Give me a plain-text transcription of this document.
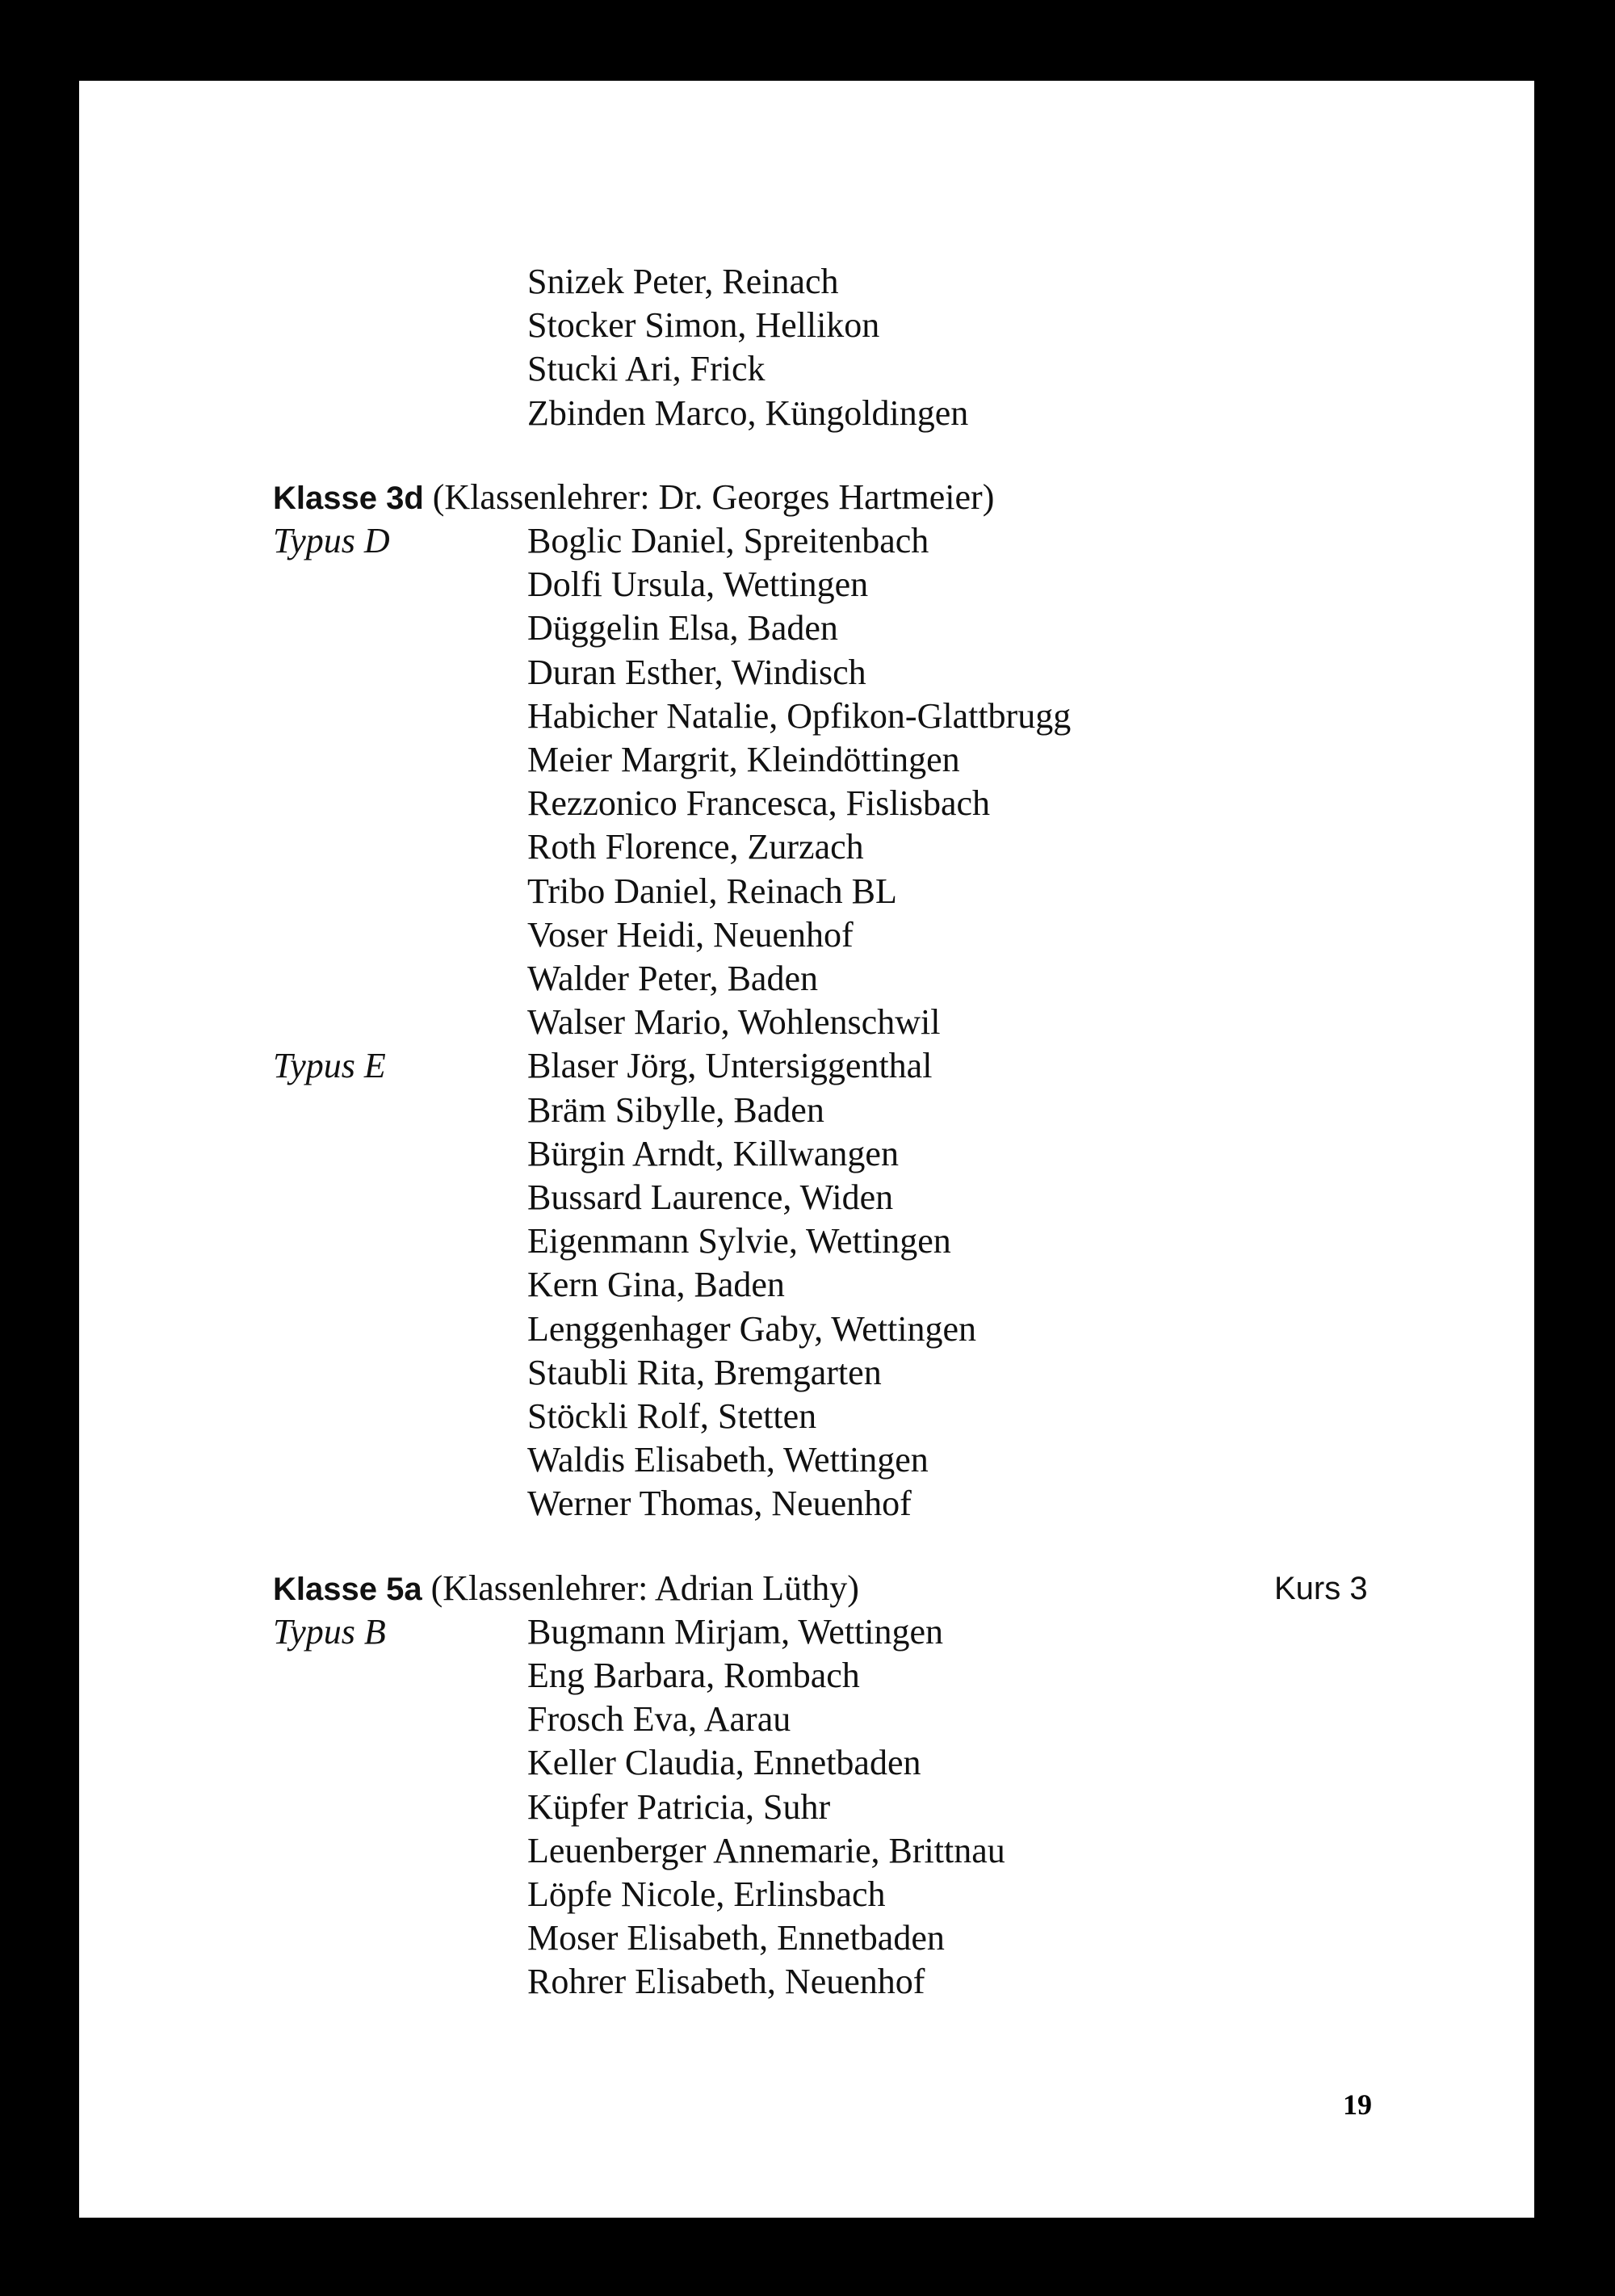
Snizek Peter, Reinach
Stocker Simon, Hellikon
Stucki Ari, Frick
Zbinden Marco, Küngoldingen
Klasse 3d (Klassenlehrer: Dr. Georges Hartmeier)
Typus D	Boglic Daniel, Spreitenbach
Dolfi Ursula, Wettingen
Düggelin Elsa, Baden
Duran Esther, Windisch
Habicher Natalie, Opfikon-Glattbrugg
Meier Margrit, Kleindöttingen
Rezzonico Francesca, Fislisbach
Roth Florence, Zurzach
Tribo Daniel, Reinach BL
Voser Heidi, Neuenhof
Walder Peter, Baden
Walser Mario, Wohlenschwil
Typus E	Blaser Jörg, Untersiggenthal
Bräm Sibylle, Baden
Bürgin Arndt, Killwangen
Bussard Laurence, Widen
Eigenmann Sylvie, Wettingen
Kern Gina, Baden
Lenggenhager Gaby, Wettingen
Staubli Rita, Bremgarten
Stöckli Rolf, Stetten
Waldis Elisabeth, Wettingen
Werner Thomas, Neuenhof
Klasse 5a (Klassenlehrer: Adrian Lüthy)	Kurs 3
Typus B	Bugmann Mirjam, Wettingen
Eng Barbara, Rombach
Frosch Eva, Aarau
Keller Claudia, Ennetbaden
Küpfer Patricia, Suhr
Leuenberger Annemarie, Brittnau
Löpfe Nicole, Erlinsbach
Moser Elisabeth, Ennetbaden
Rohrer Elisabeth, Neuenhof
19
